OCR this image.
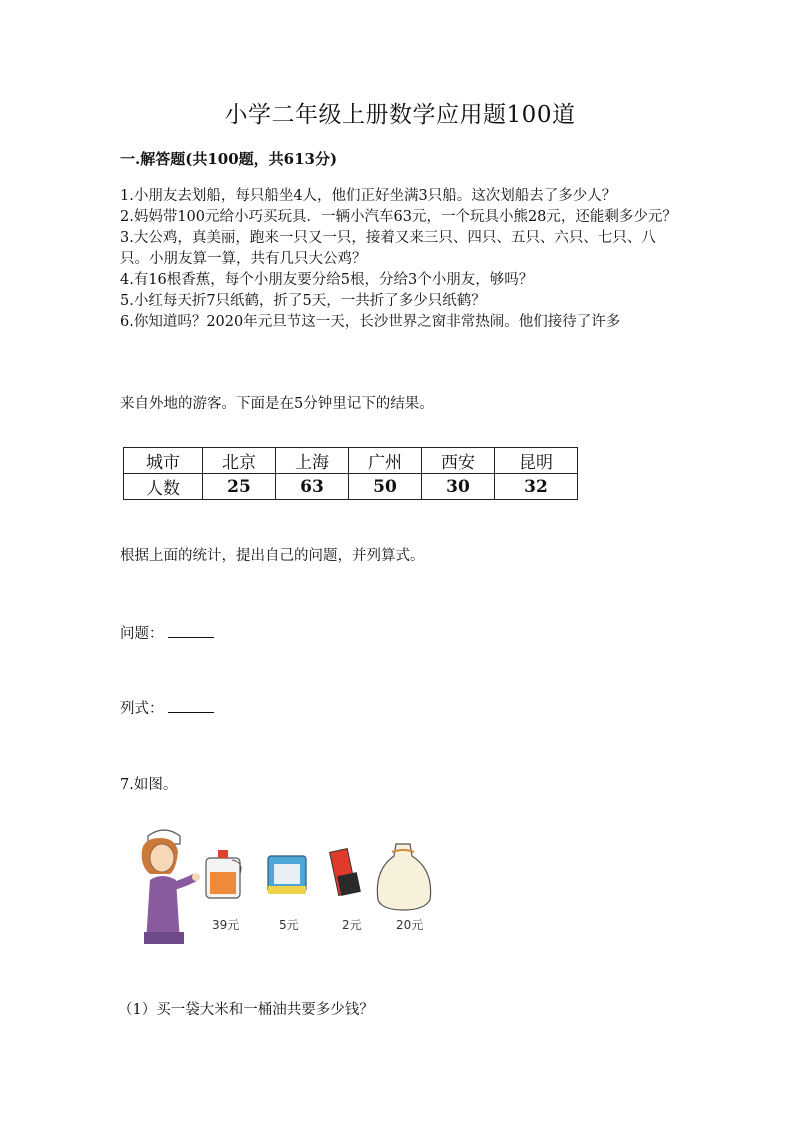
小学二年级上册数学应用题100道
一.解答题(共100题，共613分)

1.小朋友去划船，每只船坐4人，他们正好坐满3只船。这次划船去了多少人？

2.妈妈带100元给小巧买玩具．一辆小汽车63元，一个玩具小熊28元，还能剩多少元？

3.大公鸡，真美丽，跑来一只又一只，接着又来三只、四只、五只、六只、七只、八只。小朋友算一算，共有几只大公鸡？

4.有16根香蕉，每个小朋友要分给5根，分给3个小朋友，够吗？

5.小红每天折7只纸鹤，折了5天，一共折了多少只纸鹤？

6.你知道吗？2020年元旦节这一天，长沙世界之窗非常热闹。他们接待了许多

来自外地的游客。下面是在5分钟里记下的结果。
城市	北京	上海	广州	西安	昆明
人数	25	63	50	30	32
根据上面的统计，提出自己的问题，并列算式。
问题：
列式：
7.如图。
39元	5元	2元	20元
（1）买一袋大米和一桶油共要多少钱？
